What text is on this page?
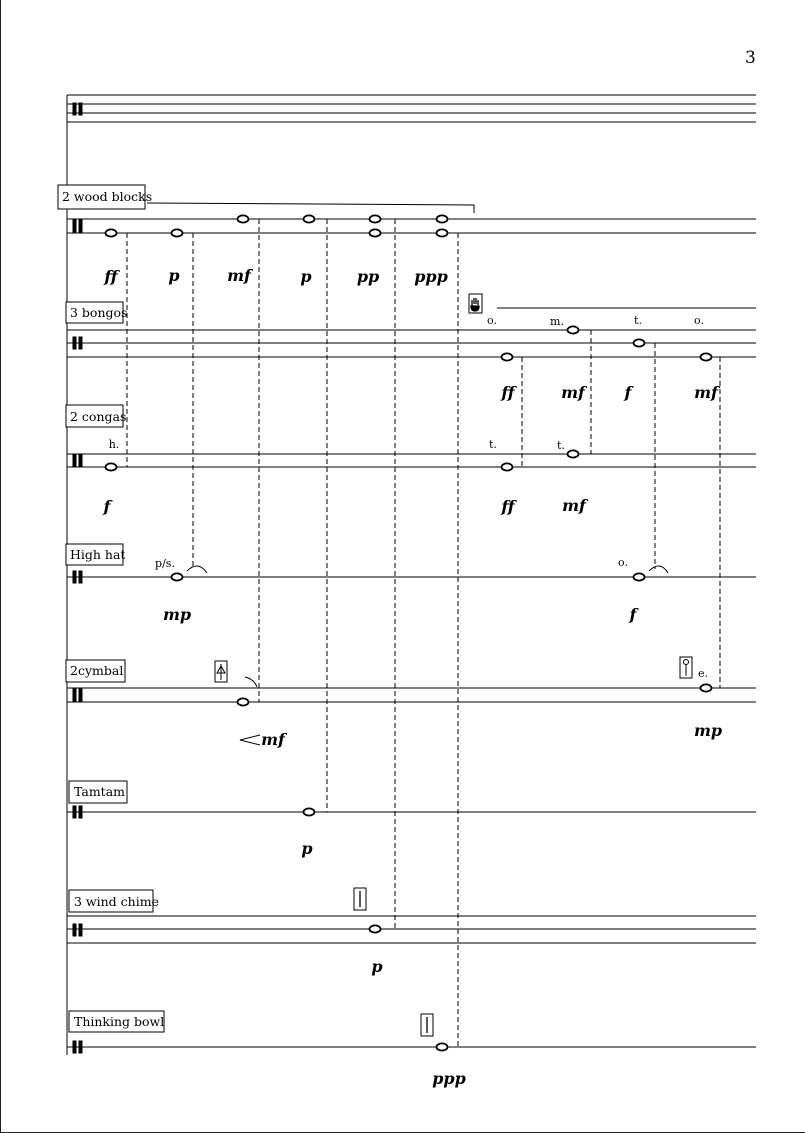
3
2 wood blocks
3 bongos
2 congas
High hat
2cymbal
Tamtam
3 wind chime
Thinking bowl
ff	p	mf	p	pp ppp
ff	mf f	mf
f	ff	mf
mp	f
mf	mp
p
p
ppp
o.	m.	t.	o.
h.	t.	t.
p/s.	o.
e.
